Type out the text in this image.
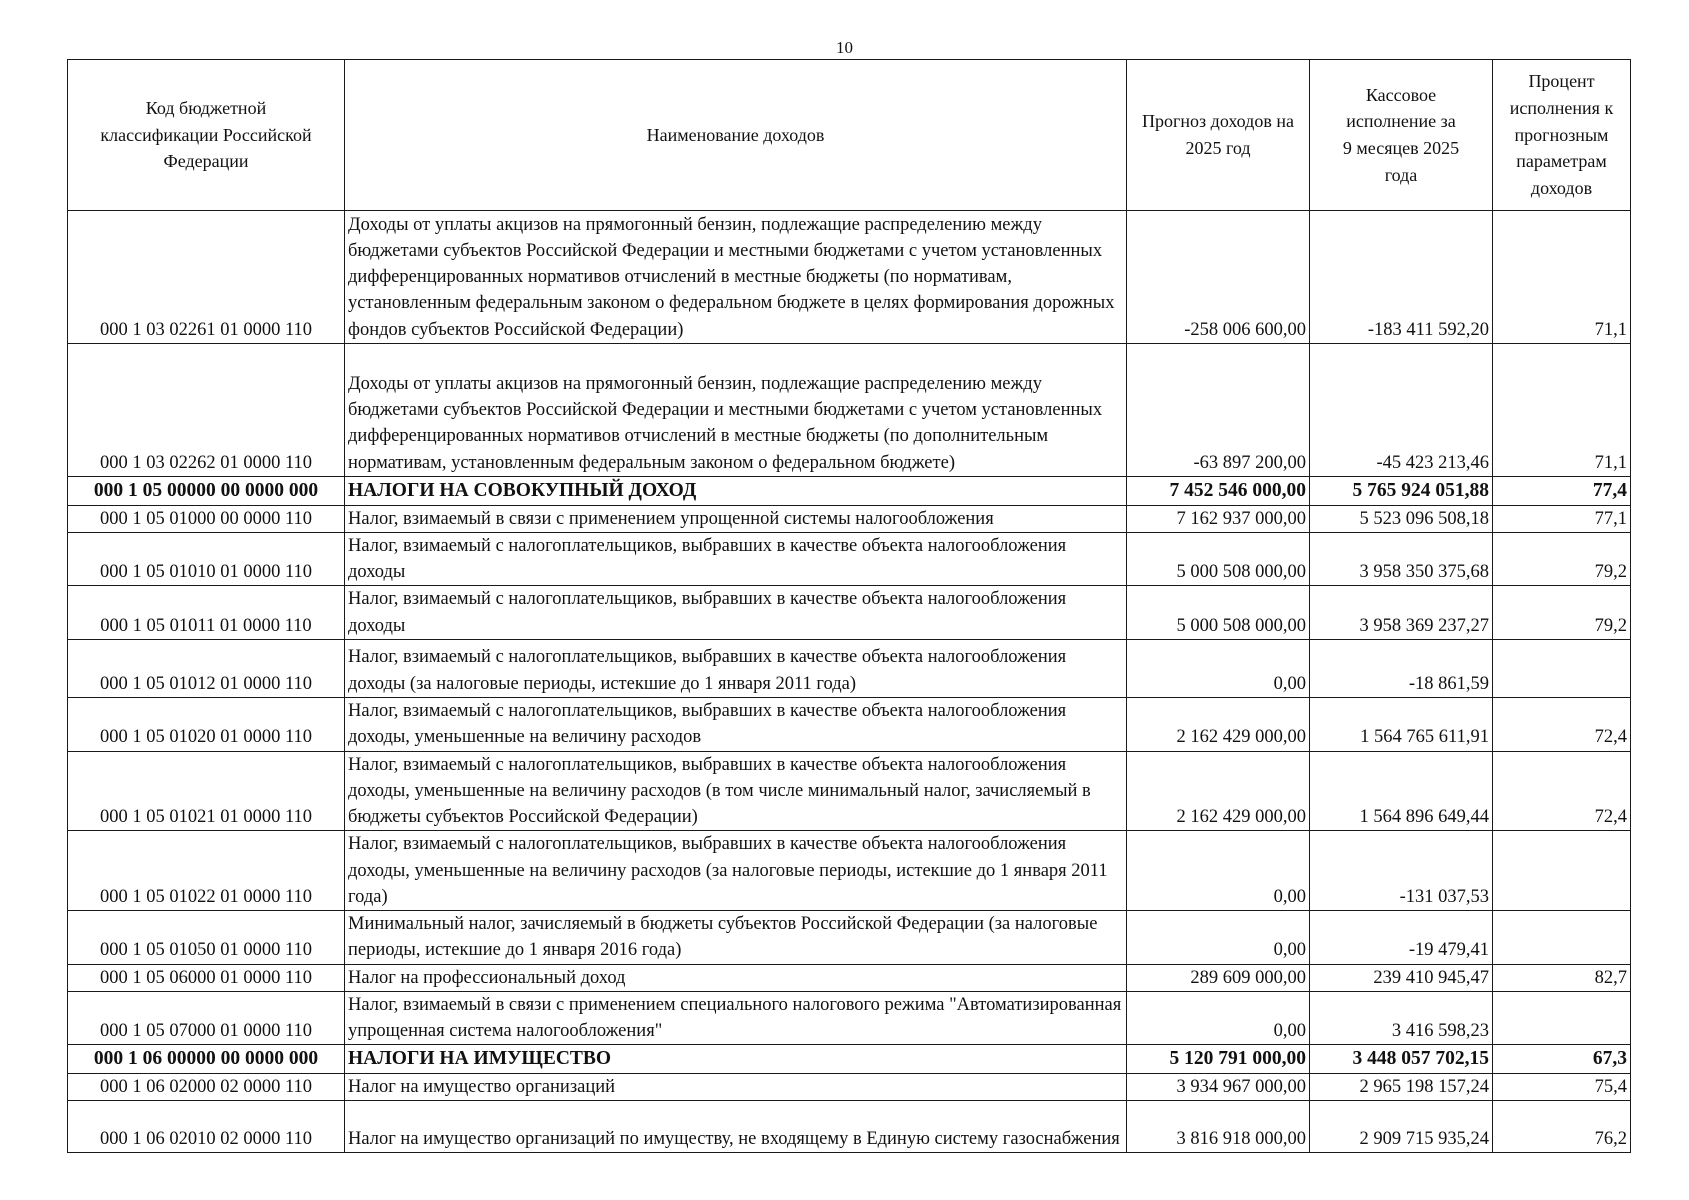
10
Код бюджетной классификации Российской Федерации	Наименование доходов	Прогноз доходов на 2025 год	Кассовое исполнение за 9 месяцев 2025 года	Процент исполнения к прогнозным параметрам доходов
000 1 03 02261 01 0000 110	Доходы от уплаты акцизов на прямогонный бензин, подлежащие распределению между бюджетами субъектов Российской Федерации и местными бюджетами с учетом установленных дифференцированных нормативов отчислений в местные бюджеты (по нормативам, установленным федеральным законом о федеральном бюджете в целях формирования дорожных фондов субъектов Российской Федерации)	-258 006 600,00	-183 411 592,20	71,1
000 1 03 02262 01 0000 110	Доходы от уплаты акцизов на прямогонный бензин, подлежащие распределению между бюджетами субъектов Российской Федерации и местными бюджетами с учетом установленных дифференцированных нормативов отчислений в местные бюджеты (по дополнительным нормативам, установленным федеральным законом о федеральном бюджете)	-63 897 200,00	-45 423 213,46	71,1
000 1 05 00000 00 0000 000	НАЛОГИ НА СОВОКУПНЫЙ ДОХОД	7 452 546 000,00	5 765 924 051,88	77,4
000 1 05 01000 00 0000 110	Налог, взимаемый в связи с применением упрощенной системы налогообложения	7 162 937 000,00	5 523 096 508,18	77,1
000 1 05 01010 01 0000 110	Налог, взимаемый с налогоплательщиков, выбравших в качестве объекта налогообложения доходы	5 000 508 000,00	3 958 350 375,68	79,2
000 1 05 01011 01 0000 110	Налог, взимаемый с налогоплательщиков, выбравших в качестве объекта налогообложения доходы	5 000 508 000,00	3 958 369 237,27	79,2
000 1 05 01012 01 0000 110	Налог, взимаемый с налогоплательщиков, выбравших в качестве объекта налогообложения доходы (за налоговые периоды, истекшие до 1 января 2011 года)	0,00	-18 861,59	
000 1 05 01020 01 0000 110	Налог, взимаемый с налогоплательщиков, выбравших в качестве объекта налогообложения доходы, уменьшенные на величину расходов	2 162 429 000,00	1 564 765 611,91	72,4
000 1 05 01021 01 0000 110	Налог, взимаемый с налогоплательщиков, выбравших в качестве объекта налогообложения доходы, уменьшенные на величину расходов (в том числе минимальный налог, зачисляемый в бюджеты субъектов Российской Федерации)	2 162 429 000,00	1 564 896 649,44	72,4
000 1 05 01022 01 0000 110	Налог, взимаемый с налогоплательщиков, выбравших в качестве объекта налогообложения доходы, уменьшенные на величину расходов (за налоговые периоды, истекшие до 1 января 2011 года)	0,00	-131 037,53	
000 1 05 01050 01 0000 110	Минимальный налог, зачисляемый в бюджеты субъектов Российской Федерации (за налоговые периоды, истекшие до 1 января 2016 года)	0,00	-19 479,41	
000 1 05 06000 01 0000 110	Налог на профессиональный доход	289 609 000,00	239 410 945,47	82,7
000 1 05 07000 01 0000 110	Налог, взимаемый в связи с применением специального налогового режима "Автоматизированная упрощенная система налогообложения"	0,00	3 416 598,23	
000 1 06 00000 00 0000 000	НАЛОГИ НА ИМУЩЕСТВО	5 120 791 000,00	3 448 057 702,15	67,3
000 1 06 02000 02 0000 110	Налог на имущество организаций	3 934 967 000,00	2 965 198 157,24	75,4
000 1 06 02010 02 0000 110	Налог на имущество организаций по имуществу, не входящему в Единую систему газоснабжения	3 816 918 000,00	2 909 715 935,24	76,2
